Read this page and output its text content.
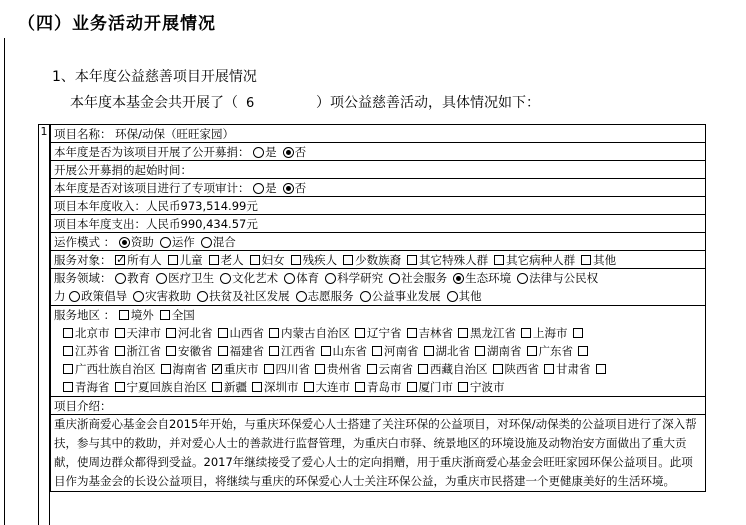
（四）业务活动开展情况
1、本年度公益慈善项目开展情况
本年度本基金会共开展了（ 6	）项公益慈善活动，具体情况如下：
1 项目名称： 环保/动保（旺旺家园）
本年度是否为该项目开展了公开募捐： 是 否
开展公开募捐的起始时间：
本年度是否对该项目进行了专项审计： 是 否
项目本年度收入：人民币973,514.99元
项目本年度支出：人民币990,434.57元
运作模式 ： 资助 运作 混合
服务对象： ✓ 所有人 儿童 老人 妇女 残疾人 少数族裔 其它特殊人群 其它病种人群 其他
服务领域： 教育 医疗卫生 文化艺术 体育 科学研究 社会服务 生态环境 法律与公民权
力 政策倡导 灾害救助 扶贫及社区发展 志愿服务 公益事业发展 其他
服务地区 ： 境外 全国
北京市 天津市 河北省 山西省 内蒙古自治区 辽宁省 吉林省 黑龙江省 上海市
江苏省 浙江省 安徽省 福建省 江西省 山东省 河南省 湖北省 湖南省 广东省
广西壮族自治区 海南省 ✓ 重庆市 四川省 贵州省 云南省 西藏自治区 陕西省 甘肃省
青海省 宁夏回族自治区 新疆 深圳市 大连市 青岛市 厦门市 宁波市
项目介绍：
重庆浙商爱心基金会自2015年开始，与重庆环保爱心人士搭建了关注环保的公益项目，对环保/动保类的公益项目进行了深入帮扶，参与其中的救助，并对爱心人士的善款进行监督管理，为重庆白市驿、统景地区的环境设施及动物治安方面做出了重大贡献，使周边群众都得到受益。2017年继续接受了爱心人士的定向捐赠，用于重庆浙商爱心基金会旺旺家园环保公益项目。此项目作为基金会的长设公益项目，将继续与重庆的环保爱心人士关注环保公益，为重庆市民搭建一个更健康美好的生活环境。
